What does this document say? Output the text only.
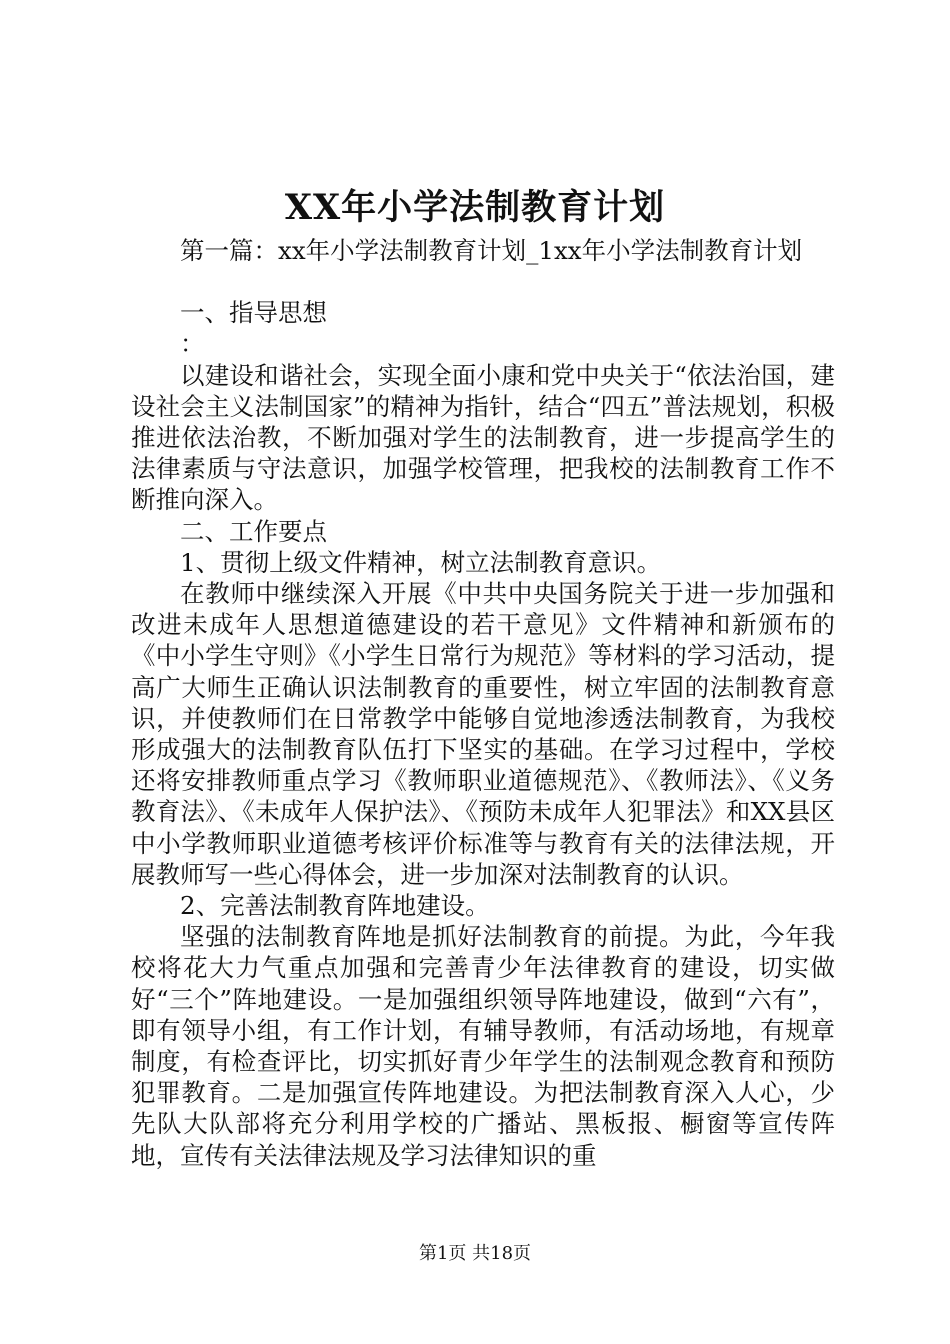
XX年小学法制教育计划

第一篇：xx年小学法制教育计划_1xx年小学法制教育计划

一、指导思想

：

以建设和谐社会，实现全面小康和党中央关于“依法治国，建设社会主义法制国家”的精神为指针，结合“四五”普法规划，积极推进依法治教，不断加强对学生的法制教育，进一步提高学生的法律素质与守法意识，加强学校管理，把我校的法制教育工作不断推向深入。

二、工作要点

1、贯彻上级文件精神，树立法制教育意识。

在教师中继续深入开展《中共中央国务院关于进一步加强和改进未成年人思想道德建设的若干意见》文件精神和新颁布的《中小学生守则》《小学生日常行为规范》等材料的学习活动，提高广大师生正确认识法制教育的重要性，树立牢固的法制教育意识，并使教师们在日常教学中能够自觉地渗透法制教育，为我校形成强大的法制教育队伍打下坚实的基础。在学习过程中，学校还将安排教师重点学习《教师职业道德规范》、《教师法》、《义务教育法》、《未成年人保护法》、《预防未成年人犯罪法》和XX县区中小学教师职业道德考核评价标准等与教育有关的法律法规，开展教师写一些心得体会，进一步加深对法制教育的认识。

2、完善法制教育阵地建设。

坚强的法制教育阵地是抓好法制教育的前提。为此，今年我校将花大力气重点加强和完善青少年法律教育的建设，切实做好“三个”阵地建设。一是加强组织领导阵地建设，做到“六有”，即有领导小组，有工作计划，有辅导教师，有活动场地，有规章制度，有检查评比，切实抓好青少年学生的法制观念教育和预防犯罪教育。二是加强宣传阵地建设。为把法制教育深入人心，少先队大队部将充分利用学校的广播站、黑板报、橱窗等宣传阵地，宣传有关法律法规及学习法律知识的重

第1页 共18页
